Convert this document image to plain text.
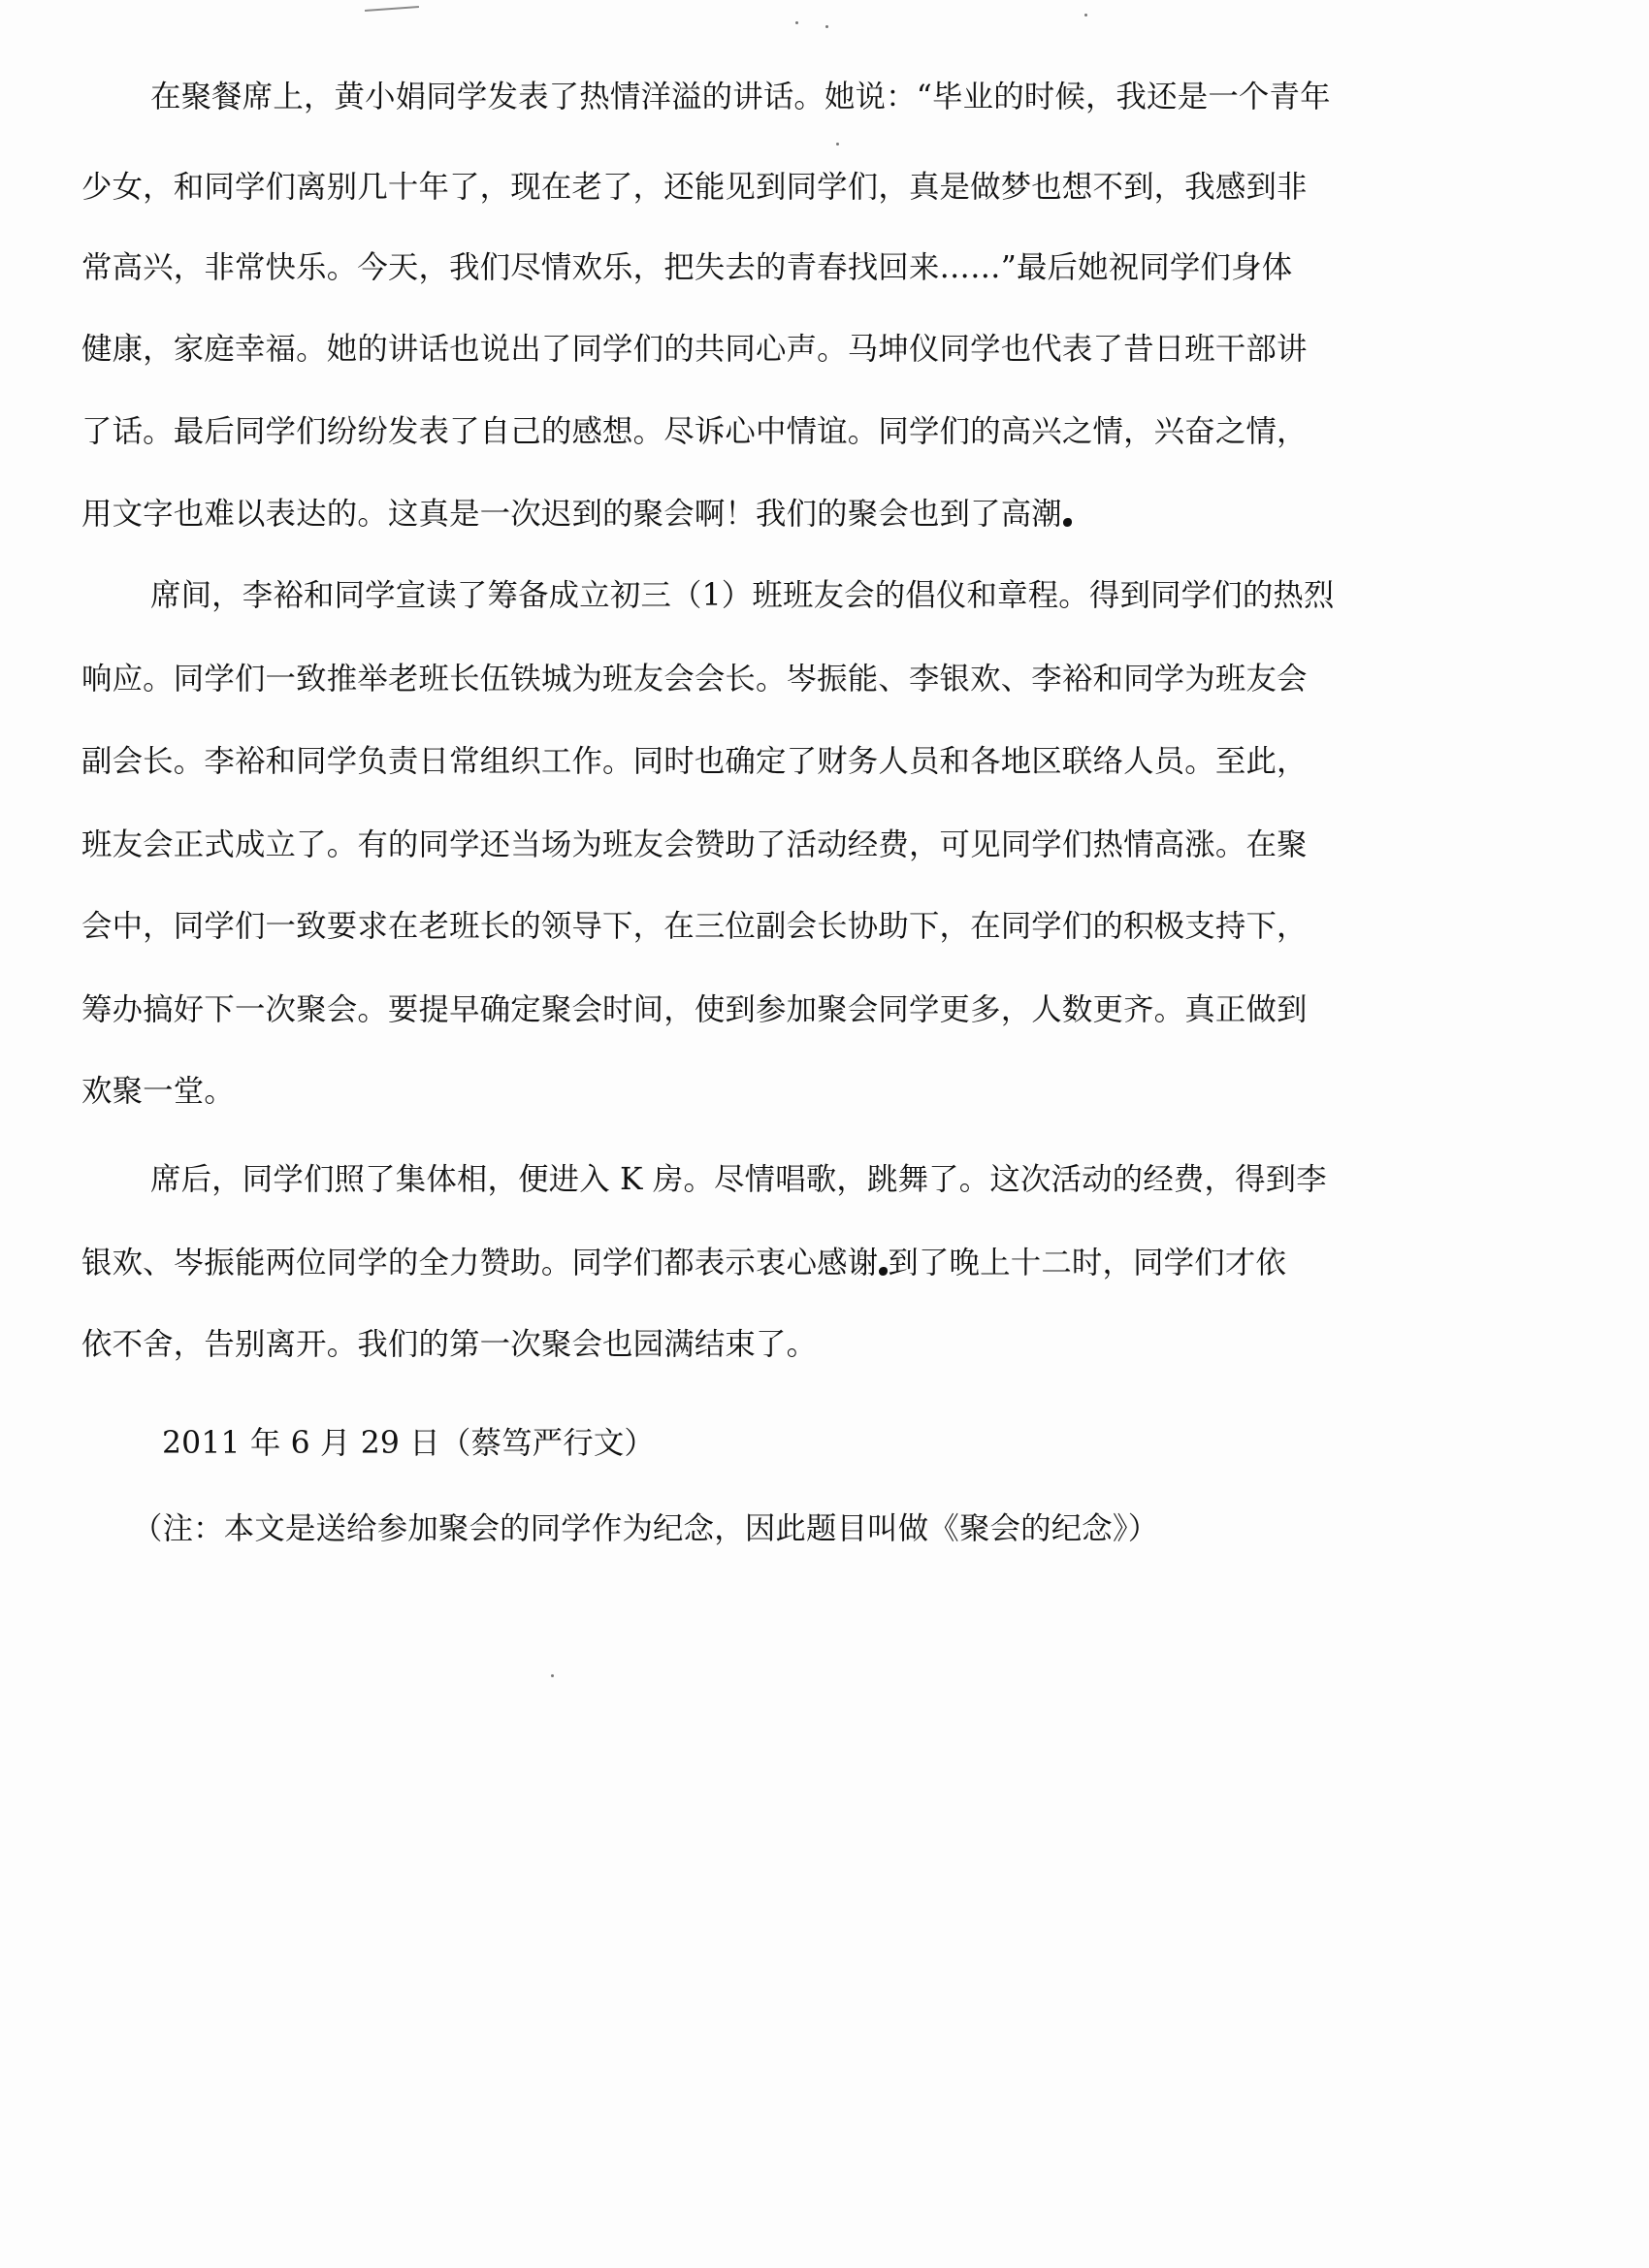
在聚餐席上，黄小娟同学发表了热情洋溢的讲话。她说：“毕业的时候，我还是一个青年
少女，和同学们离别几十年了，现在老了，还能见到同学们，真是做梦也想不到，我感到非
常高兴，非常快乐。今天，我们尽情欢乐，把失去的青春找回来……”最后她祝同学们身体
健康，家庭幸福。她的讲话也说出了同学们的共同心声。马坤仪同学也代表了昔日班干部讲
了话。最后同学们纷纷发表了自己的感想。尽诉心中情谊。同学们的高兴之情，兴奋之情，
用文字也难以表达的。这真是一次迟到的聚会啊！我们的聚会也到了高潮
席间，李裕和同学宣读了筹备成立初三（1）班班友会的倡仪和章程。得到同学们的热烈
响应。同学们一致推举老班长伍铁城为班友会会长。岑振能、李银欢、李裕和同学为班友会
副会长。李裕和同学负责日常组织工作。同时也确定了财务人员和各地区联络人员。至此，
班友会正式成立了。有的同学还当场为班友会赞助了活动经费，可见同学们热情高涨。在聚
会中，同学们一致要求在老班长的领导下，在三位副会长协助下，在同学们的积极支持下，
筹办搞好下一次聚会。要提早确定聚会时间，使到参加聚会同学更多，人数更齐。真正做到
欢聚一堂。
席后，同学们照了集体相，便进入 K 房。尽情唱歌，跳舞了。这次活动的经费，得到李
银欢、岑振能两位同学的全力赞助。同学们都表示衷心感谢 到了晚上十二时，同学们才依
依不舍，告别离开。我们的第一次聚会也园满结束了。
2011 年 6 月 29 日（蔡笃严行文）
（注：本文是送给参加聚会的同学作为纪念，因此题目叫做《聚会的纪念》）
